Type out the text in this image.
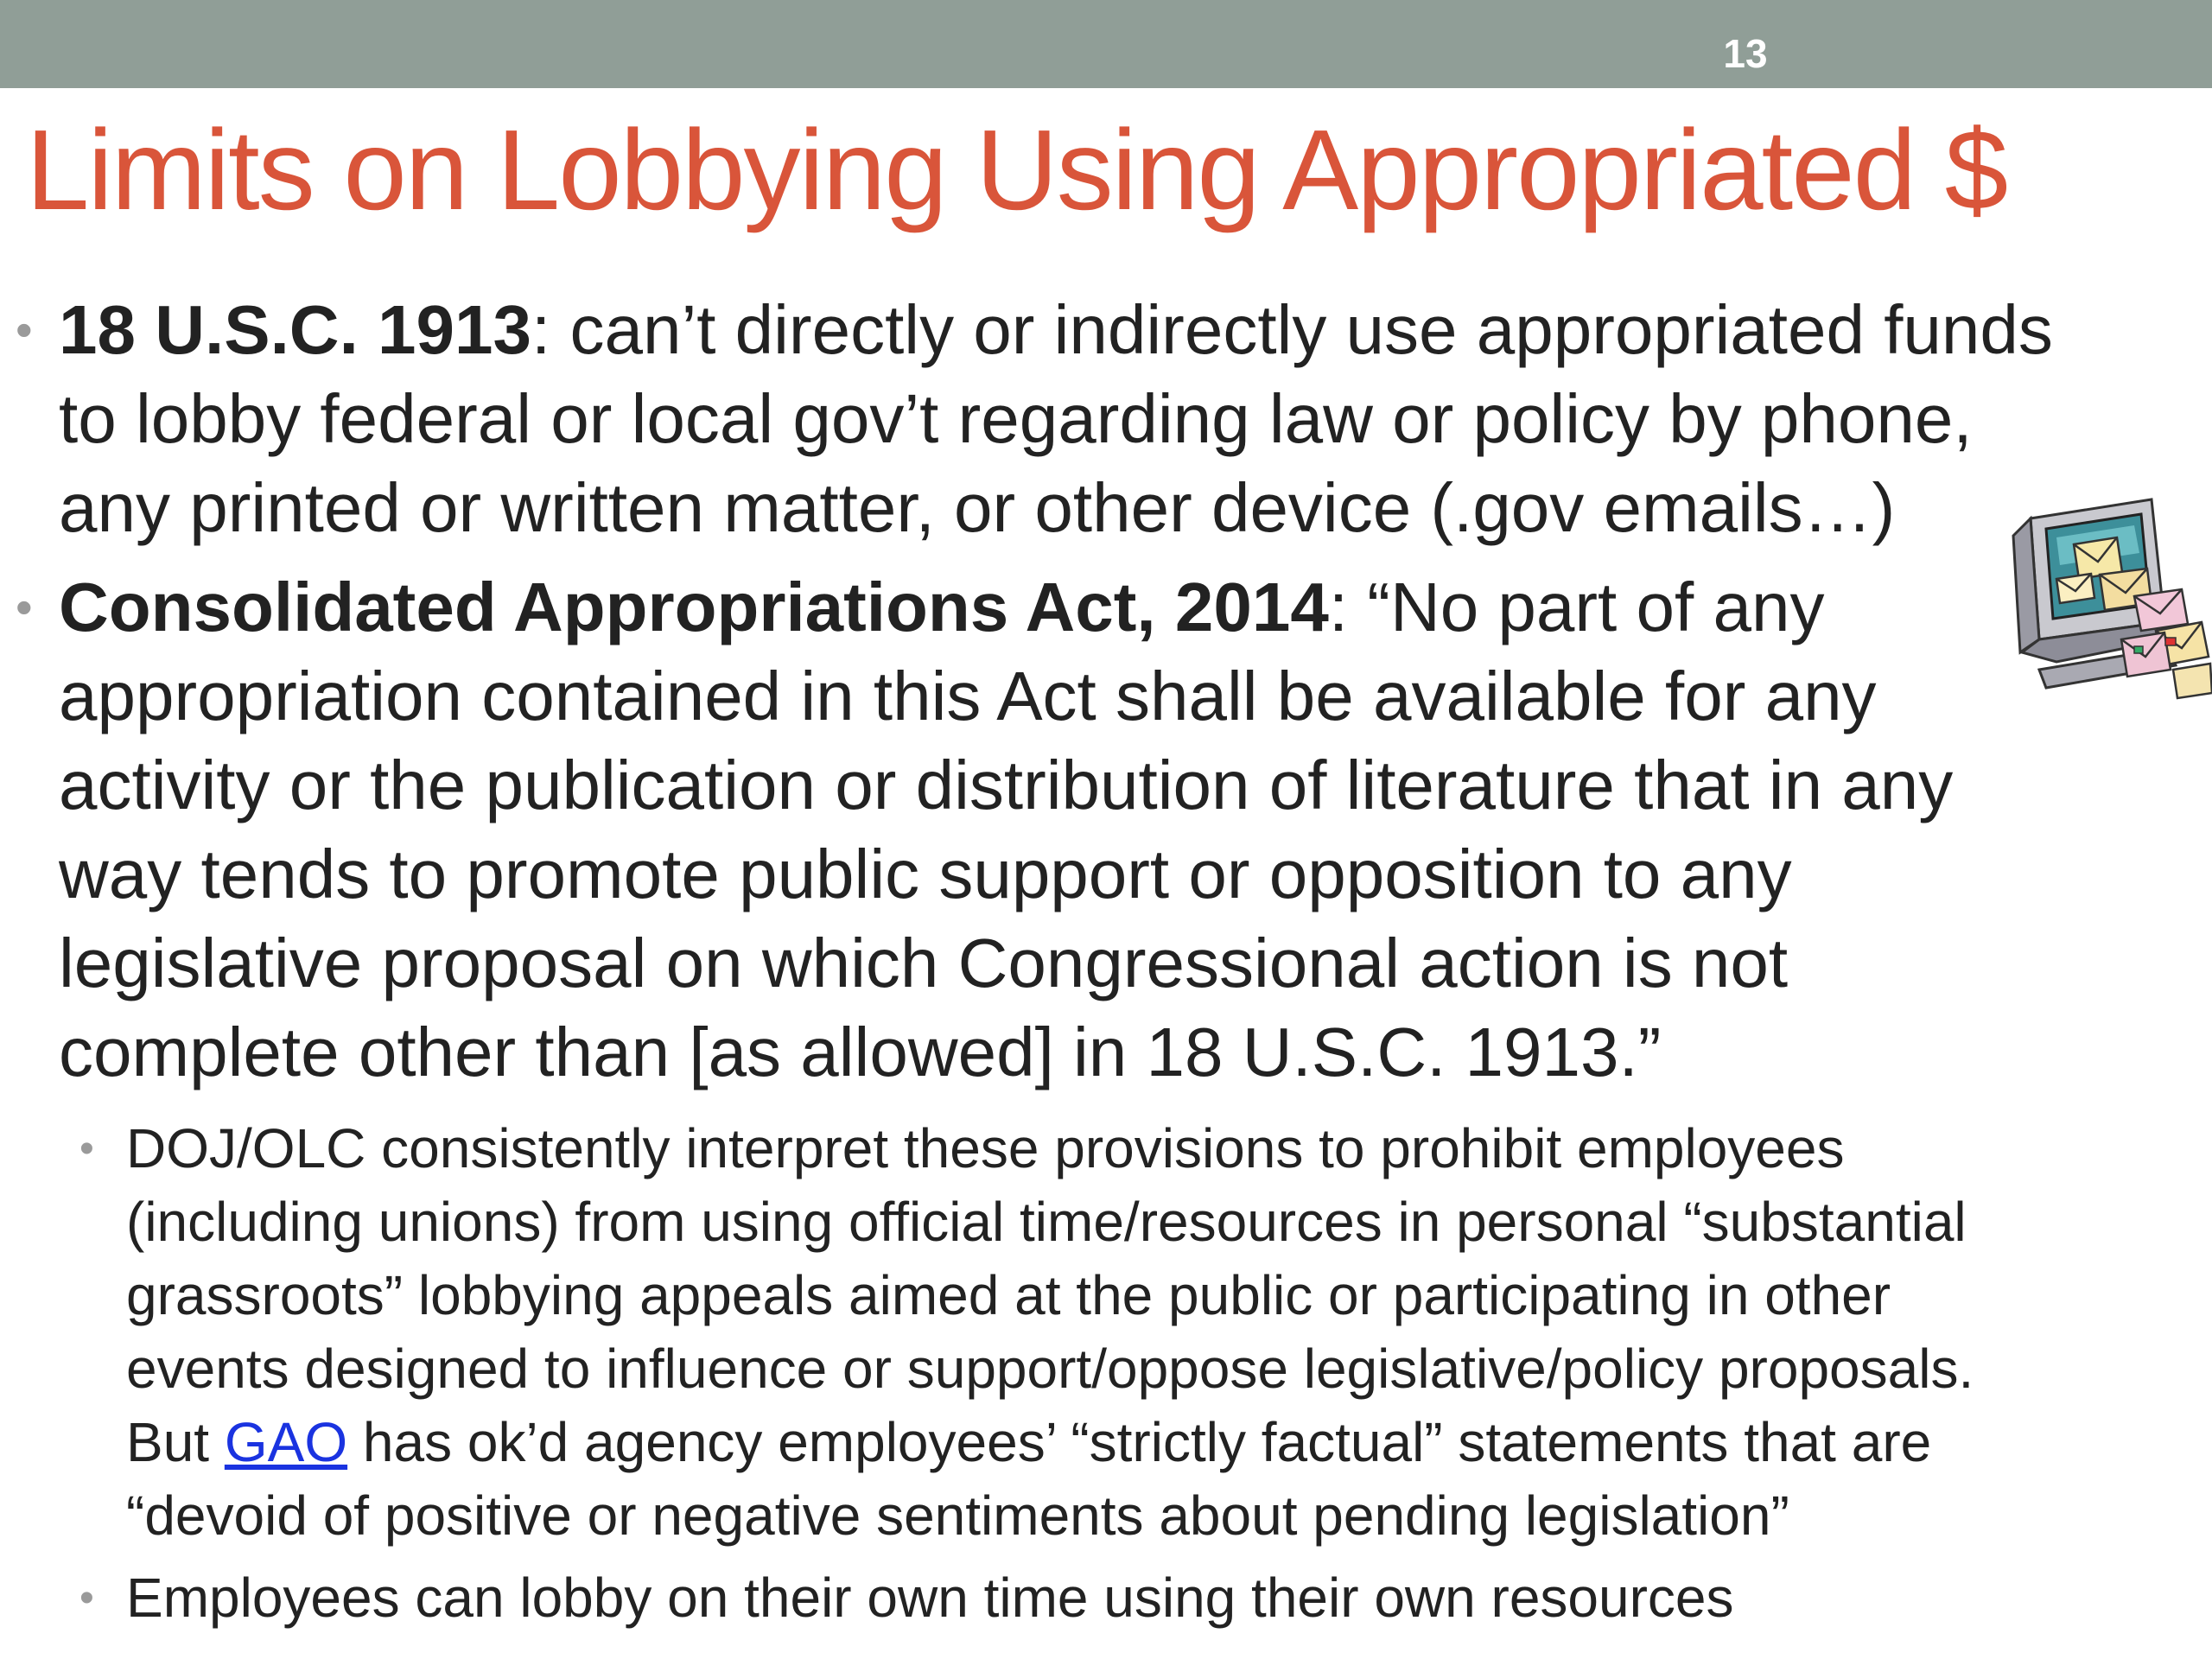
13
Limits on Lobbying Using Appropriated $
• 18 U.S.C. 1913: can’t directly or indirectly use appropriated funds
to lobby federal or local gov’t regarding law or policy by phone,
any printed or written matter, or other device (.gov emails…)
• Consolidated Appropriations Act, 2014: “No part of any
appropriation contained in this Act shall be available for any
activity or the publication or distribution of literature that in any
way tends to promote public support or opposition to any
legislative proposal on which Congressional action is not
complete other than [as allowed] in 18 U.S.C. 1913.”
• DOJ/OLC consistently interpret these provisions to prohibit employees
(including unions) from using official time/resources in personal “substantial
grassroots” lobbying appeals aimed at the public or participating in other
events designed to influence or support/oppose legislative/policy proposals.
But GAO has ok’d agency employees’ “strictly factual” statements that are
“devoid of positive or negative sentiments about pending legislation”
• Employees can lobby on their own time using their own resources
